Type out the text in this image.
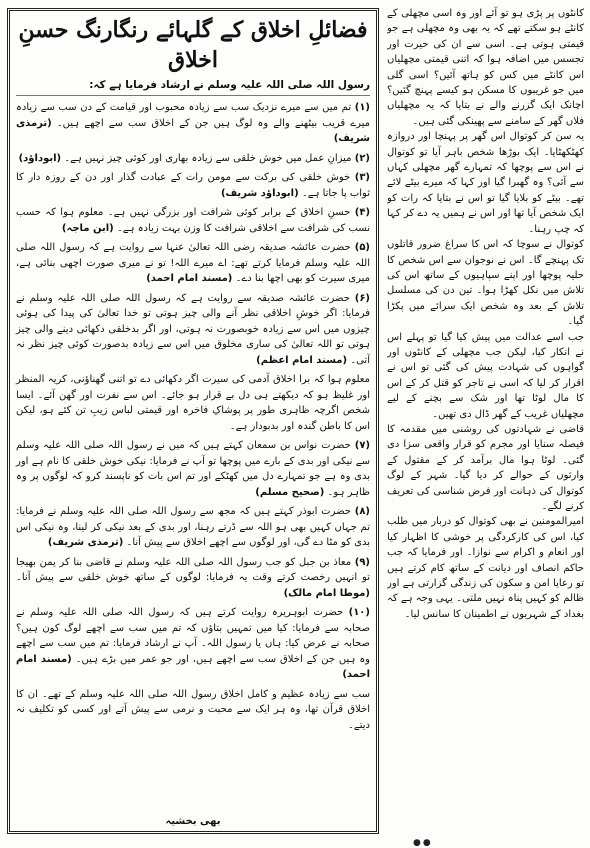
فضائلِ اخلاق کے گلہائے رنگارنگ حسنِ اخلاق

رسول اللہ صلی اللہ علیہ وسلم نے ارشاد فرمایا ہے کہ:

(۱) تم میں سے میرے نزدیک سب سے زیادہ محبوب اور قیامت کے دن سب سے زیادہ میرے قریب بیٹھنے والے وہ لوگ ہیں جن کے اخلاق سب سے اچھے ہیں۔ (ترمذی شریف)

(۲) میزانِ عمل میں خوش خلقی سے زیادہ بھاری اور کوئی چیز نہیں ہے۔ (ابوداؤد)

(۳) خوش خلقی کی برکت سے مومن رات کے عبادت گذار اور دن کے روزہ دار کا ثواب پا جاتا ہے۔ (ابوداؤد شریف)

(۴) حسنِ اخلاق کے برابر کوئی شرافت اور بزرگی نہیں ہے۔ معلوم ہوا کہ حسب نسب کی شرافت سے اخلاقی شرافت کا وزن بہت زیادہ ہے۔ (ابن ماجہ)

(۵) حضرت عائشہ صدیقہ رضی اللہ تعالیٰ عنہا سے روایت ہے کہ رسول اللہ صلی اللہ علیہ وسلم فرمایا کرتے تھے: اے میرے اللہ! تو نے میری صورت اچھی بنائی ہے، میری سیرت کو بھی اچھا بنا دے۔ (مسند امام احمد)

(۶) حضرت عائشہ صدیقہ سے روایت ہے کہ رسول اللہ صلی اللہ علیہ وسلم نے فرمایا: اگر خوشِ اخلاقی نظر آنے والی چیز ہوتی تو خدا تعالیٰ کی پیدا کی ہوئی چیزوں میں اس سے زیادہ خوبصورت نہ ہوتی، اور اگر بدخلقی دکھائی دینے والی چیز ہوتی تو اللہ تعالیٰ کی ساری مخلوق میں اس سے زیادہ بدصورت کوئی چیز نظر نہ آتی۔ (مسند امام اعظم)

معلوم ہوا کہ برا اخلاق آدمی کی سیرت اگر دکھائی دے تو اتنی گھناؤنی، کریہ المنظر اور غلیظ ہو کہ دیکھتے ہی دل بے قرار ہو جائے۔ اس سے نفرت اور گھن آئے۔ ایسا شخص اگرچہ ظاہری طور پر پوشاکِ فاخرہ اور قیمتی لباس زیبِ تن کئے ہو، لیکن اس کا باطن گندہ اور بدبودار ہے۔

(۷) حضرت نواس بن سمعان کہتے ہیں کہ میں نے رسول اللہ صلی اللہ علیہ وسلم سے نیکی اور بدی کے بارے میں پوچھا تو آپ نے فرمایا: نیکی خوش خلقی کا نام ہے اور بدی وہ ہے جو تمہارے دل میں کھٹکے اور تم اس بات کو ناپسند کرو کہ لوگوں پر وہ ظاہر ہو۔ (صحیح مسلم)

(۸) حضرت ابوذر کہتے ہیں کہ مجھ سے رسول اللہ صلی اللہ علیہ وسلم نے فرمایا: تم جہاں کہیں بھی ہو اللہ سے ڈرتے رہنا، اور بدی کے بعد نیکی کر لینا، وہ نیکی اس بدی کو مٹا دے گی، اور لوگوں سے اچھے اخلاق سے پیش آنا۔ (ترمذی شریف)

(۹) معاذ بن جبل کو جب رسول اللہ صلی اللہ علیہ وسلم نے قاضی بنا کر یمن بھیجا تو انہیں رخصت کرتے وقت یہ فرمایا: لوگوں کے ساتھ خوش خلقی سے پیش آنا۔ (موطا امام مالک)

(۱۰) حضرت ابوہریرہ روایت کرتے ہیں کہ رسول اللہ صلی اللہ علیہ وسلم نے صحابہ سے فرمایا: کیا میں تمہیں بتاؤں کہ تم میں سب سے اچھے لوگ کون ہیں؟ صحابہ نے عرض کیا: ہاں یا رسول اللہ۔ آپ نے ارشاد فرمایا: تم میں سب سے اچھے وہ ہیں جن کے اخلاق سب سے اچھے ہیں، اور جو عمر میں بڑے ہیں۔ (مسند امام احمد)

سب سے زیادہ عظیم و کامل اخلاق رسول اللہ صلی اللہ علیہ وسلم کے تھے۔ ان کا اخلاق قرآن تھا، وہ ہر ایک سے محبت و نرمی سے پیش آتے اور کسی کو تکلیف نہ دیتے۔

بھی بخشیہ

کانٹوں پر پڑی ہو تو آئے اور وہ اسی مچھلی کے کانٹے ہو سکتے تھے کہ یہ بھی وہ مچھلی ہے جو قیمتی ہوتی ہے۔ اسی سے ان کی حیرت اور تجسس میں اضافہ ہوا کہ اتنی قیمتی مچھلیاں اس کانٹے میں کس کو ہاتھ آئیں؟ اسی گلی میں جو غریبوں کا مسکن ہو کیسے پہنچ گئیں؟ اچانک ایک گزرنے والے نے بتایا کہ یہ مچھلیاں فلاں گھر کے سامنے سے پھینکی گئی ہیں۔

یہ سن کر کوتوال اس گھر پر پہنچا اور دروازہ کھٹکھٹایا۔ ایک بوڑھا شخص باہر آیا تو کوتوال نے اس سے پوچھا کہ تمہارے گھر مچھلی کہاں سے آئی؟ وہ گھبرا گیا اور کہا کہ میرے بیٹے لائے تھے۔ بیٹے کو بلایا گیا تو اس نے بتایا کہ رات کو ایک شخص آیا تھا اور اس نے ہمیں یہ دے کر کہا کہ چپ رہنا۔

کوتوال نے سوچا کہ اس کا سراغ ضرور قاتلوں تک پہنچے گا۔ اس نے نوجوان سے اس شخص کا حلیہ پوچھا اور اپنے سپاہیوں کے ساتھ اس کی تلاش میں نکل کھڑا ہوا۔ تین دن کی مسلسل تلاش کے بعد وہ شخص ایک سرائے میں پکڑا گیا۔

جب اسے عدالت میں پیش کیا گیا تو پہلے اس نے انکار کیا، لیکن جب مچھلی کے کانٹوں اور گواہوں کی شہادت پیش کی گئی تو اس نے اقرار کر لیا کہ اسی نے تاجر کو قتل کر کے اس کا مال لوٹا تھا اور شک سے بچنے کے لیے مچھلیاں غریب کے گھر ڈال دی تھیں۔

قاضی نے شہادتوں کی روشنی میں مقدمہ کا فیصلہ سنایا اور مجرم کو قرار واقعی سزا دی گئی۔ لوٹا ہوا مال برآمد کر کے مقتول کے وارثوں کے حوالے کر دیا گیا۔ شہر کے لوگ کوتوال کی ذہانت اور فرض شناسی کی تعریف کرنے لگے۔

امیرالمومنین نے بھی کوتوال کو دربار میں طلب کیا، اس کی کارکردگی پر خوشی کا اظہار کیا اور انعام و اکرام سے نوازا۔ اور فرمایا کہ جب حاکم انصاف اور دیانت کے ساتھ کام کرتے ہیں تو رعایا امن و سکون کی زندگی گزارتی ہے اور ظالم کو کہیں پناہ نہیں ملتی۔ یہی وجہ ہے کہ بغداد کے شہریوں نے اطمینان کا سانس لیا۔

●●
